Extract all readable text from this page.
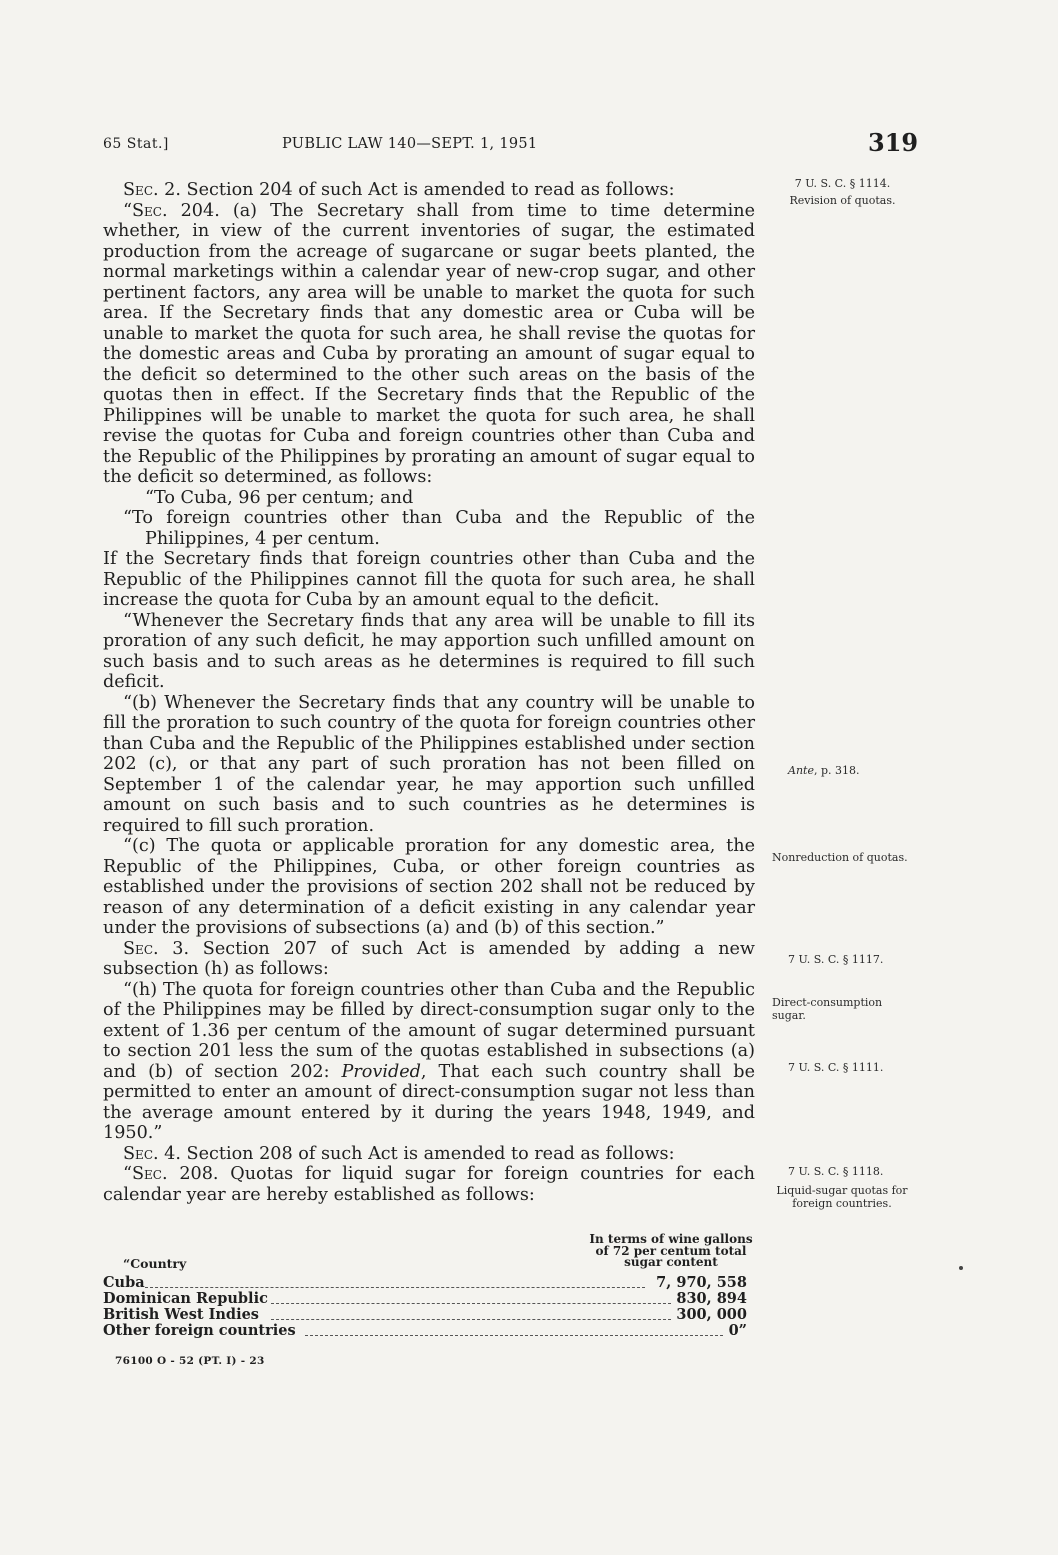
65 Stat.]	PUBLIC LAW 140—SEPT. 1, 1951	319

Sec. 2. Section 204 of such Act is amended to read as follows:

“Sec. 204. (a) The Secretary shall from time to time determine whether, in view of the current inventories of sugar, the estimated production from the acreage of sugarcane or sugar beets planted, the normal marketings within a calendar year of new-crop sugar, and other pertinent factors, any area will be unable to market the quota for such area. If the Secretary finds that any domestic area or Cuba will be unable to market the quota for such area, he shall revise the quotas for the domestic areas and Cuba by prorating an amount of sugar equal to the deficit so determined to the other such areas on the basis of the quotas then in effect. If the Secretary finds that the Republic of the Philippines will be unable to market the quota for such area, he shall revise the quotas for Cuba and foreign countries other than Cuba and the Republic of the Philippines by prorating an amount of sugar equal to the deficit so determined, as follows:

“To Cuba, 96 per centum; and

“To foreign countries other than Cuba and the Republic of the Philippines, 4 per centum.

If the Secretary finds that foreign countries other than Cuba and the Republic of the Philippines cannot fill the quota for such area, he shall increase the quota for Cuba by an amount equal to the deficit.

“Whenever the Secretary finds that any area will be unable to fill its proration of any such deficit, he may apportion such unfilled amount on such basis and to such areas as he determines is required to fill such deficit.

“(b) Whenever the Secretary finds that any country will be unable to fill the proration to such country of the quota for foreign countries other than Cuba and the Republic of the Philippines established under section 202 (c), or that any part of such proration has not been filled on September 1 of the calendar year, he may apportion such unfilled amount on such basis and to such countries as he determines is required to fill such proration.

“(c) The quota or applicable proration for any domestic area, the Republic of the Philippines, Cuba, or other foreign countries as established under the provisions of section 202 shall not be reduced by reason of any determination of a deficit existing in any calendar year under the provisions of subsections (a) and (b) of this section.”

Sec. 3. Section 207 of such Act is amended by adding a new subsection (h) as follows:

“(h) The quota for foreign countries other than Cuba and the Republic of the Philippines may be filled by direct-consumption sugar only to the extent of 1.36 per centum of the amount of sugar determined pursuant to section 201 less the sum of the quotas established in subsections (a) and (b) of section 202: Provided, That each such country shall be permitted to enter an amount of direct-consumption sugar not less than the average amount entered by it during the years 1948, 1949, and 1950.”

Sec. 4. Section 208 of such Act is amended to read as follows:

“Sec. 208. Quotas for liquid sugar for foreign countries for each calendar year are hereby established as follows:

7 U. S. C. § 1114.
Revision of quotas.
Ante, p. 318.
Nonreduction of quotas.
7 U. S. C. § 1117.
Direct-consumption sugar.
7 U. S. C. § 1111.
7 U. S. C. § 1118.
Liquid-sugar quotas for foreign countries.
In terms of wine gallons of 72 per centum total sugar content
“Country
Cuba	7, 970, 558
Dominican Republic	830, 894
British West Indies	300, 000
Other foreign countries	0”
76100 O - 52 (PT. I) - 23
